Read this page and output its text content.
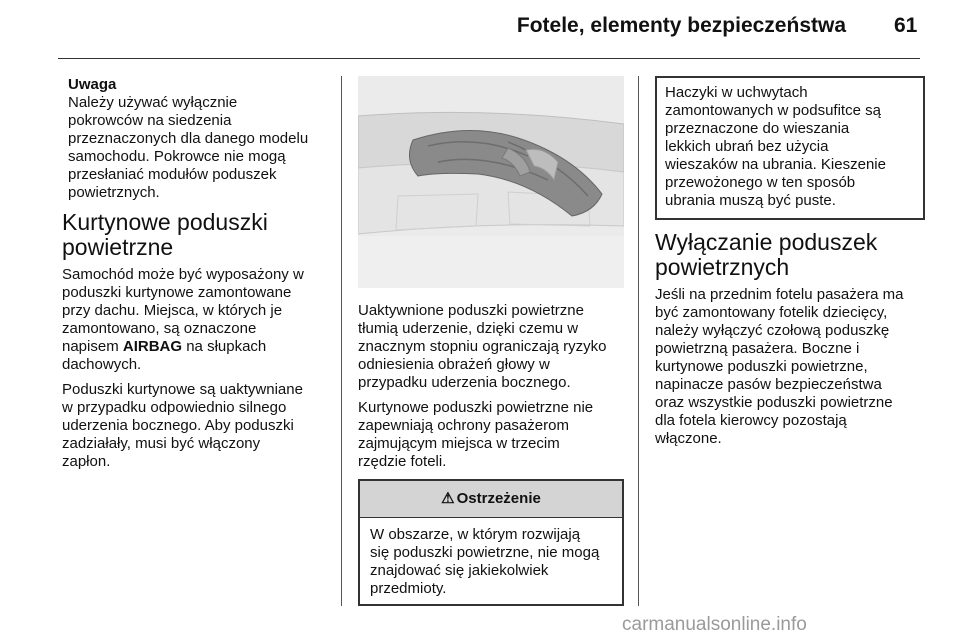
Fotele, elementy bezpieczeństwa 61
Uwaga

Należy używać wyłącznie
pokrowców na siedzenia
przeznaczonych dla danego modelu
samochodu. Pokrowce nie mogą
przesłaniać modułów poduszek
powietrznych.

Kurtynowe poduszki
powietrzne

Samochód może być wyposażony w
poduszki kurtynowe zamontowane
przy dachu. Miejsca, w których je
zamontowano, są oznaczone
napisem AIRBAG na słupkach
dachowych.

Poduszki kurtynowe są uaktywniane
w przypadku odpowiednio silnego
uderzenia bocznego. Aby poduszki
zadziałały, musi być włączony
zapłon.

Uaktywnione poduszki powietrzne
tłumią uderzenie, dzięki czemu w
znacznym stopniu ograniczają ryzyko
odniesienia obrażeń głowy w
przypadku uderzenia bocznego.

Kurtynowe poduszki powietrzne nie
zapewniają ochrony pasażerom
zajmującym miejsca w trzecim
rzędzie foteli.

⚠ Ostrzeżenie
W obszarze, w którym rozwijają
się poduszki powietrzne, nie mogą
znajdować się jakiekolwiek
przedmioty.
Haczyki w uchwytach
zamontowanych w podsufitce są
przeznaczone do wieszania
lekkich ubrań bez użycia
wieszaków na ubrania. Kieszenie
przewożonego w ten sposób
ubrania muszą być puste.
Wyłączanie poduszek
powietrznych

Jeśli na przednim fotelu pasażera ma
być zamontowany fotelik dziecięcy,
należy wyłączyć czołową poduszkę
powietrzną pasażera. Boczne i
kurtynowe poduszki powietrzne,
napinacze pasów bezpieczeństwa
oraz wszystkie poduszki powietrzne
dla fotela kierowcy pozostają
włączone.

carmanualsonline.info
